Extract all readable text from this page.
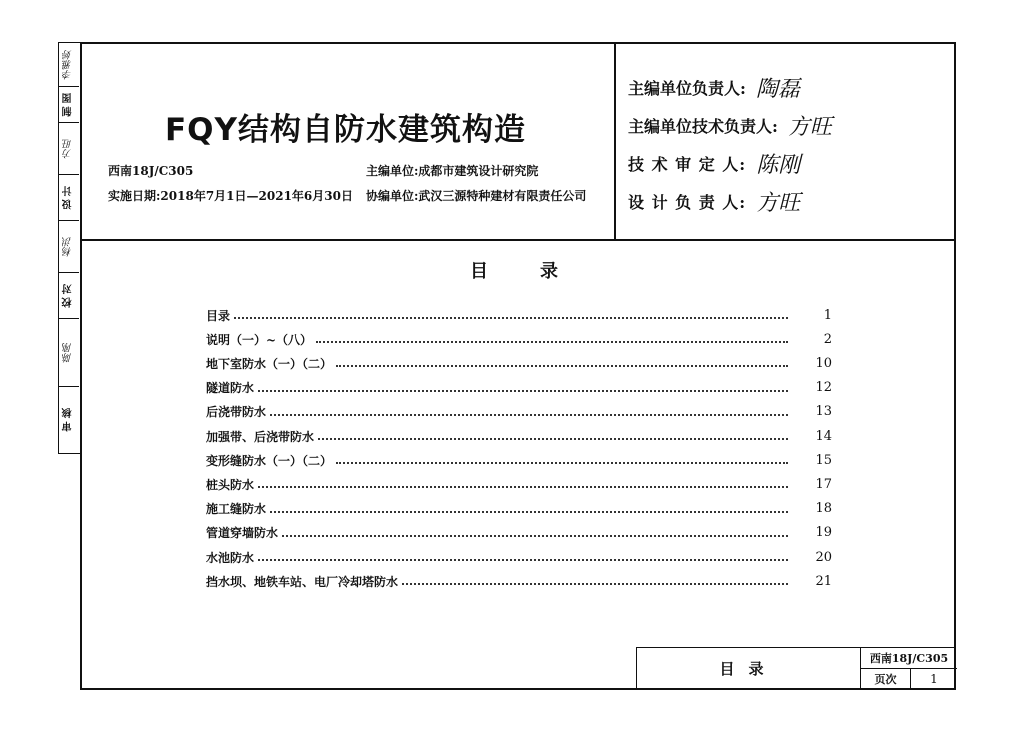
李雅婷
制 图
方旺
设 计
杨洪
校 对
陈刚
审 核
FQY结构自防水建筑构造
西南18J/C305
实施日期:2018年7月1日—2021年6月30日
主编单位:成都市建筑设计研究院
协编单位:武汉三源特种建材有限责任公司
主编单位负责人: 陶磊
主编单位技术负责人: 方旺
技 术 审 定 人: 陈刚
设 计 负 责 人: 方旺
目录
目录	1
说明（一）~（八）	2
地下室防水（一）（二）	10
隧道防水	12
后浇带防水	13
加强带、后浇带防水	14
变形缝防水（一）（二）	15
桩头防水	17
施工缝防水	18
管道穿墙防水	19
水池防水	20
挡水坝、地铁车站、电厂冷却塔防水	21
目录
西南18J/C305
页次	1
